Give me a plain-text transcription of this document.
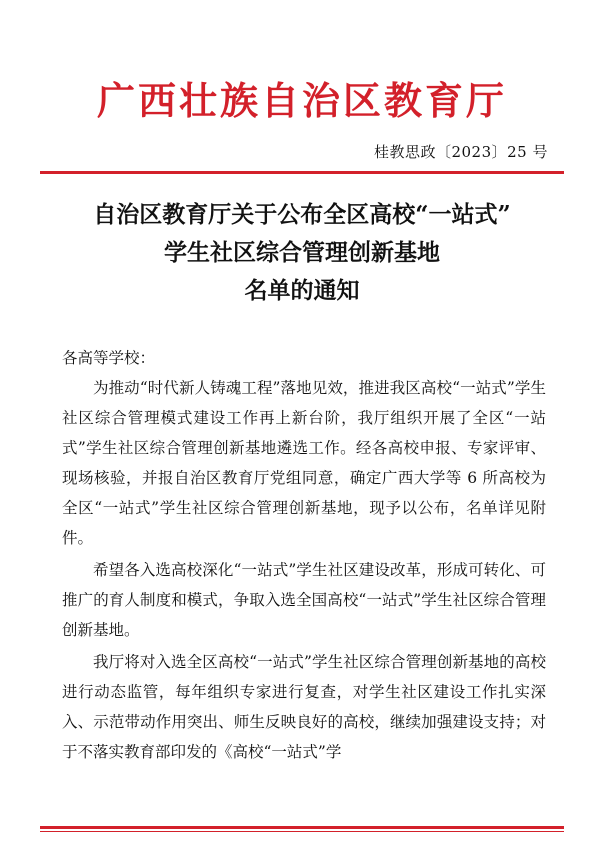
广西壮族自治区教育厅
桂教思政〔2023〕25 号
自治区教育厅关于公布全区高校“一站式”
学生社区综合管理创新基地
名单的通知

各高等学校：

为推动“时代新人铸魂工程”落地见效，推进我区高校“一站式”学生社区综合管理模式建设工作再上新台阶，我厅组织开展了全区“一站式”学生社区综合管理创新基地遴选工作。经各高校申报、专家评审、现场核验，并报自治区教育厅党组同意，确定广西大学等 6 所高校为全区“一站式”学生社区综合管理创新基地，现予以公布，名单详见附件。

希望各入选高校深化“一站式”学生社区建设改革，形成可转化、可推广的育人制度和模式，争取入选全国高校“一站式”学生社区综合管理创新基地。

我厅将对入选全区高校“一站式”学生社区综合管理创新基地的高校进行动态监管，每年组织专家进行复查，对学生社区建设工作扎实深入、示范带动作用突出、师生反映良好的高校，继续加强建设支持；对于不落实教育部印发的《高校“一站式”学
